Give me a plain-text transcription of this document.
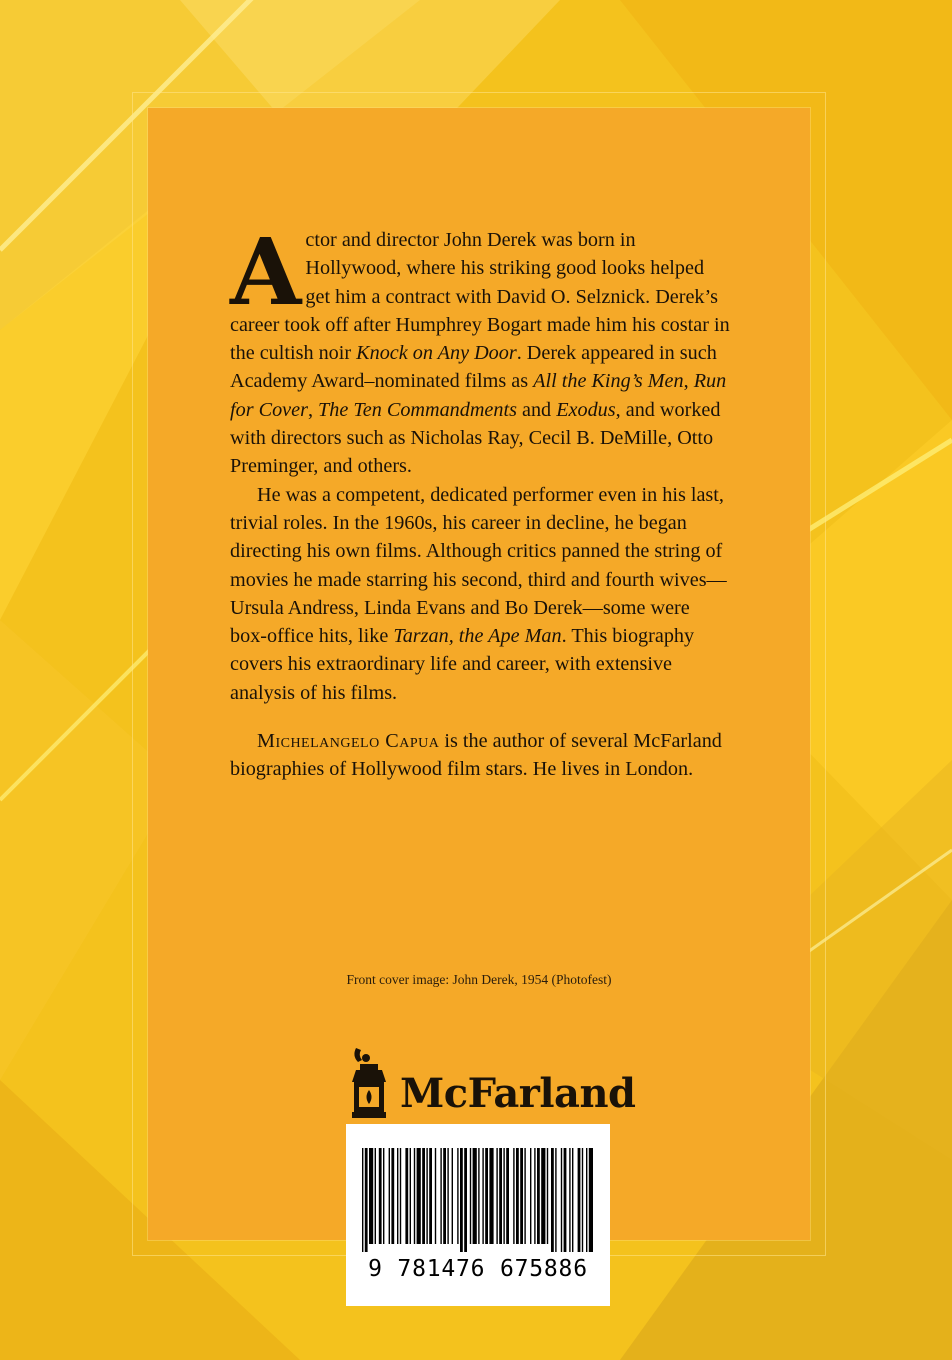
Actor and director John Derek was born in Hollywood, where his striking good looks helped get him a contract with David O. Selznick. Derek’s career took off after Humphrey Bogart made him his costar in the cultish noir Knock on Any Door. Derek appeared in such Academy Award–nominated films as All the King’s Men, Run for Cover, The Ten Commandments and Exodus, and worked with directors such as Nicholas Ray, Cecil B. DeMille, Otto Preminger, and others.

He was a competent, dedicated performer even in his last, trivial roles. In the 1960s, his career in decline, he began directing his own films. Although critics panned the string of movies he made starring his second, third and fourth wives—Ursula Andress, Linda Evans and Bo Derek—some were box-office hits, like Tarzan, the Ape Man. This biography covers his extraordinary life and career, with extensive analysis of his films.

Michelangelo Capua is the author of several McFarland biographies of Hollywood film stars. He lives in London.

Front cover image: John Derek, 1954 (Photofest)
McFarland
9 781476 675886
